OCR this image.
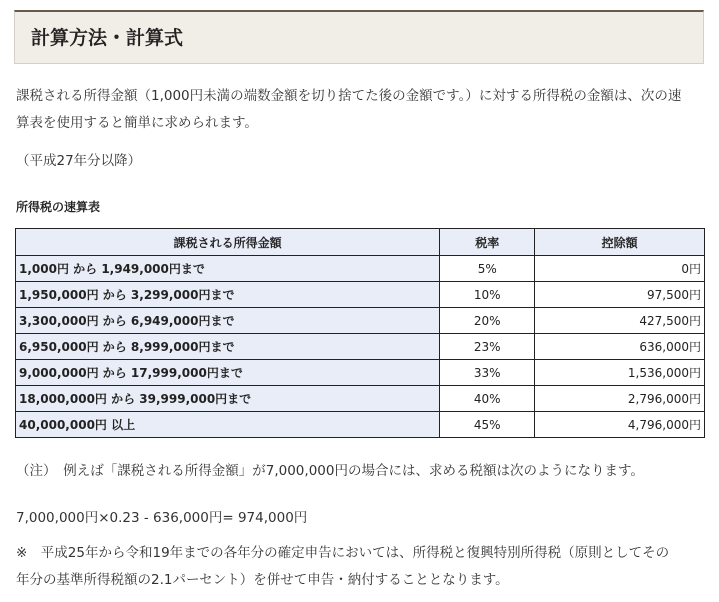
計算方法・計算式

課税される所得金額（1,000円未満の端数金額を切り捨てた後の金額です。）に対する所得税の金額は、次の速
算表を使用すると簡単に求められます。

（平成27年分以降）

所得税の速算表

課税される所得金額	税率	控除額
1,000円 から 1,949,000円まで	5%	0円
1,950,000円 から 3,299,000円まで	10%	97,500円
3,300,000円 から 6,949,000円まで	20%	427,500円
6,950,000円 から 8,999,000円まで	23%	636,000円
9,000,000円 から 17,999,000円まで	33%	1,536,000円
18,000,000円 から 39,999,000円まで	40%	2,796,000円
40,000,000円 以上	45%	4,796,000円

（注）　例えば「課税される所得金額」が7,000,000円の場合には、求める税額は次のようになります。

7,000,000円×0.23 - 636,000円= 974,000円

※　平成25年から令和19年までの各年分の確定申告においては、所得税と復興特別所得税（原則としてその

年分の基準所得税額の2.1パーセント）を併せて申告・納付することとなります。
